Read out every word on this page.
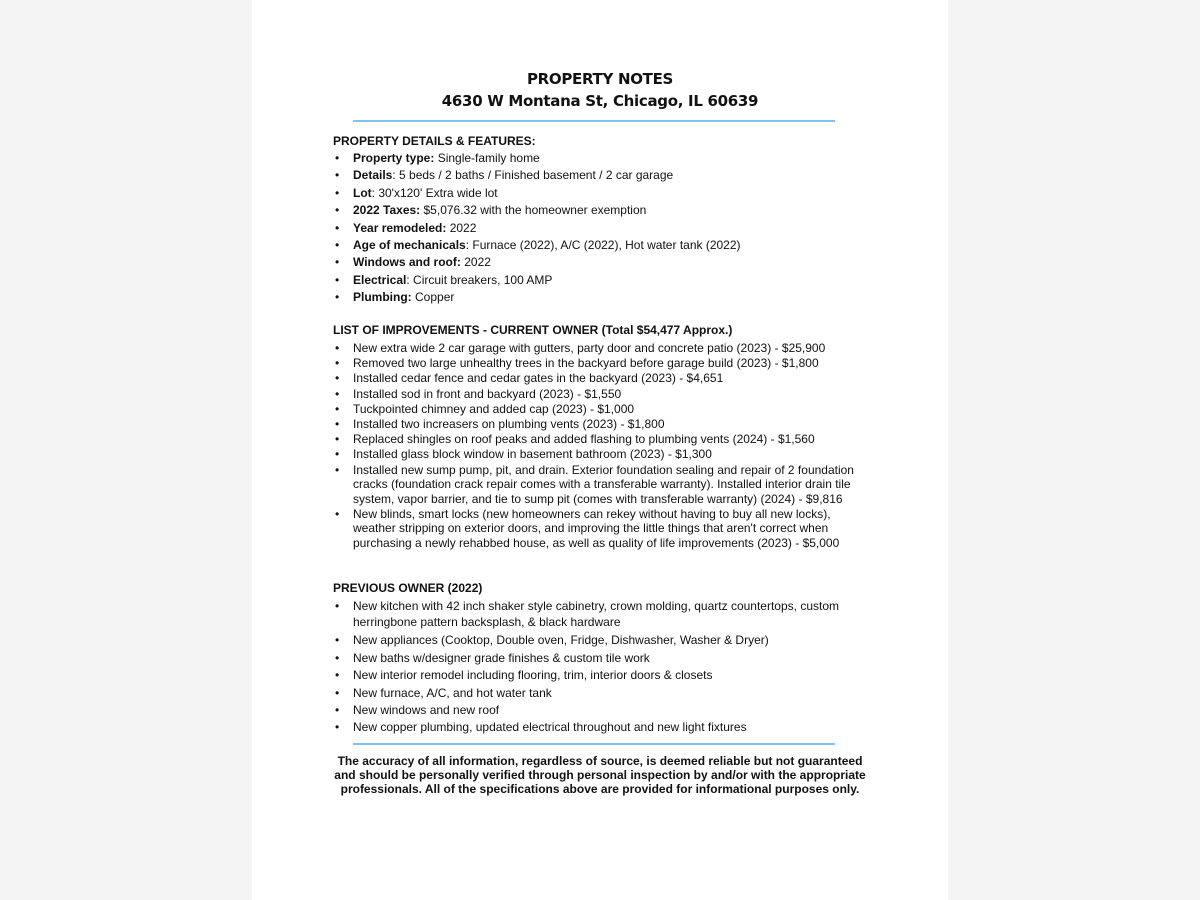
PROPERTY NOTES
4630 W Montana St, Chicago, IL 60639
PROPERTY DETAILS & FEATURES:
• Property type: Single-family home
• Details: 5 beds / 2 baths / Finished basement / 2 car garage
• Lot: 30'x120' Extra wide lot
• 2022 Taxes: $5,076.32 with the homeowner exemption
• Year remodeled: 2022
• Age of mechanicals: Furnace (2022), A/C (2022), Hot water tank (2022)
• Windows and roof: 2022
• Electrical: Circuit breakers, 100 AMP
• Plumbing: Copper
LIST OF IMPROVEMENTS - CURRENT OWNER (Total $54,477 Approx.)
• New extra wide 2 car garage with gutters, party door and concrete patio (2023) - $25,900
• Removed two large unhealthy trees in the backyard before garage build (2023) - $1,800
• Installed cedar fence and cedar gates in the backyard (2023) - $4,651
• Installed sod in front and backyard (2023) - $1,550
• Tuckpointed chimney and added cap (2023) - $1,000
• Installed two increasers on plumbing vents (2023) - $1,800
• Replaced shingles on roof peaks and added flashing to plumbing vents (2024) - $1,560
• Installed glass block window in basement bathroom (2023) - $1,300
• Installed new sump pump, pit, and drain. Exterior foundation sealing and repair of 2 foundation cracks (foundation crack repair comes with a transferable warranty). Installed interior drain tile system, vapor barrier, and tie to sump pit (comes with transferable warranty) (2024) - $9,816
• New blinds, smart locks (new homeowners can rekey without having to buy all new locks), weather stripping on exterior doors, and improving the little things that aren't correct when purchasing a newly rehabbed house, as well as quality of life improvements (2023) - $5,000
PREVIOUS OWNER (2022)
• New kitchen with 42 inch shaker style cabinetry, crown molding, quartz countertops, custom herringbone pattern backsplash, & black hardware
• New appliances (Cooktop, Double oven, Fridge, Dishwasher, Washer & Dryer)
• New baths w/designer grade finishes & custom tile work
• New interior remodel including flooring, trim, interior doors & closets
• New furnace, A/C, and hot water tank
• New windows and new roof
• New copper plumbing, updated electrical throughout and new light fixtures
The accuracy of all information, regardless of source, is deemed reliable but not guaranteed and should be personally verified through personal inspection by and/or with the appropriate professionals. All of the specifications above are provided for informational purposes only.
